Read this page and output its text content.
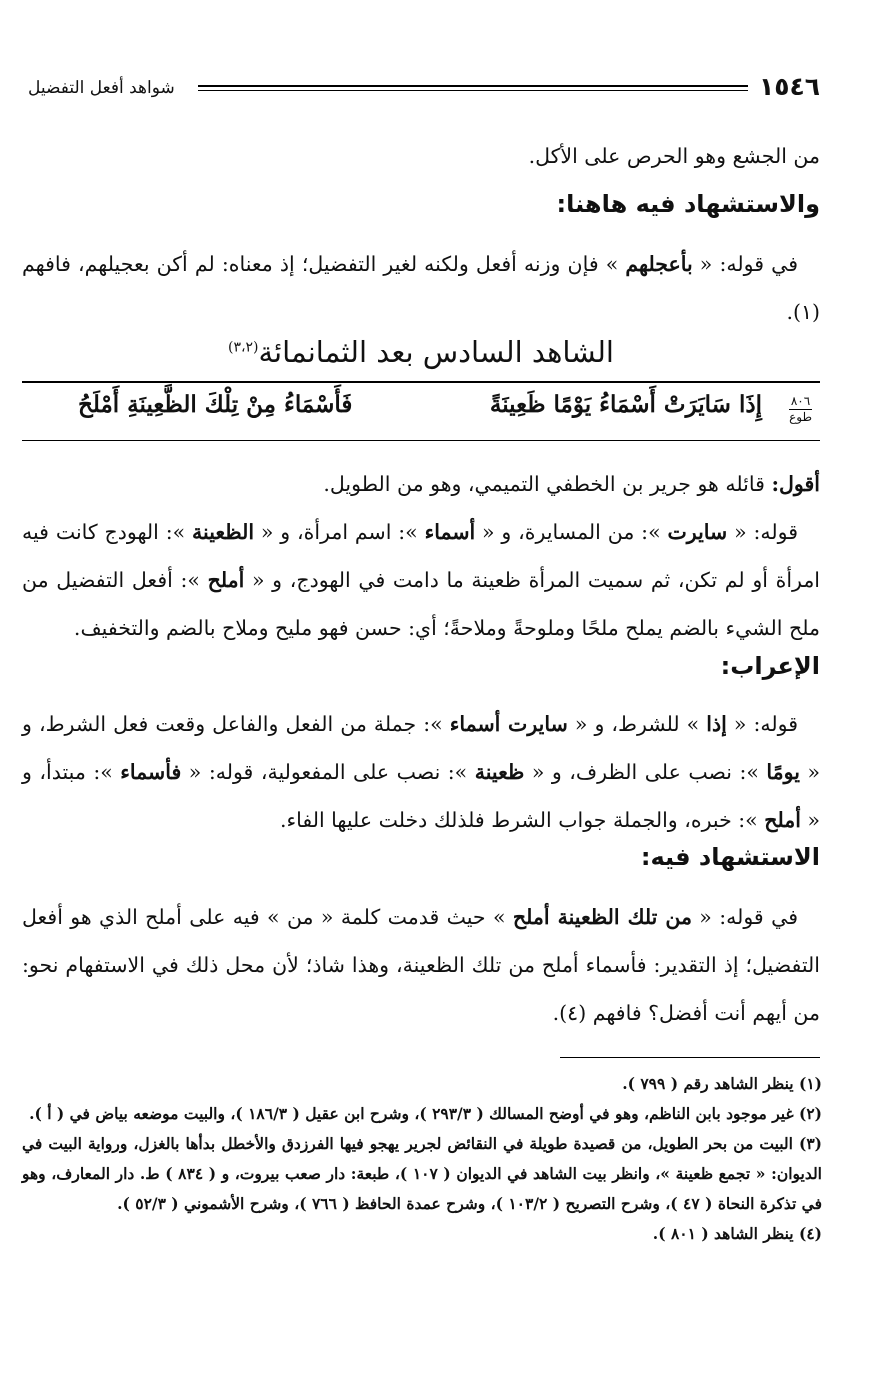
١٥٤٦
شواهد أفعل التفضيل
من الجشع وهو الحرص على الأكل.
والاستشهاد فيه هاهنا:
في قوله: « بأعجلهم » فإن وزنه أفعل ولكنه لغير التفضيل؛ إذ معناه: لم أكن بعجيلهم، فافهم (١).
الشاهد السادس بعد الثمانمائة$^{(٣،٢)}$
٨٠٦
طوع
إِذَا سَايَرَتْ أَسْمَاءُ يَوْمًا ظَعِينَةً
فَأَسْمَاءُ مِنْ تِلْكَ الظَّعِينَةِ أَمْلَحُ
أقول: قائله هو جرير بن الخطفي التميمي، وهو من الطويل.
قوله: « سايرت »: من المسايرة، و « أسماء »: اسم امرأة، و « الظعينة »: الهودج كانت فيه امرأة أو لم تكن، ثم سميت المرأة ظعينة ما دامت في الهودج، و « أملح »: أفعل التفضيل من ملح الشيء بالضم يملح ملحًا وملوحةً وملاحةً؛ أي: حسن فهو مليح وملاح بالضم والتخفيف.
الإعراب:
قوله: « إذا » للشرط، و « سايرت أسماء »: جملة من الفعل والفاعل وقعت فعل الشرط، و « يومًا »: نصب على الظرف، و « ظعينة »: نصب على المفعولية، قوله: « فأسماء »: مبتدأ، و « أملح »: خبره، والجملة جواب الشرط فلذلك دخلت عليها الفاء.
الاستشهاد فيه:
في قوله: « من تلك الظعينة أملح » حيث قدمت كلمة « من » فيه على أملح الذي هو أفعل التفضيل؛ إذ التقدير: فأسماء أملح من تلك الظعينة، وهذا شاذ؛ لأن محل ذلك في الاستفهام نحو: من أيهم أنت أفضل؟ فافهم (٤).

(١) ينظر الشاهد رقم ( ٧٩٩ ).

(٢) غير موجود بابن الناظم، وهو في أوضح المسالك ( ٢٩٣/٣ )، وشرح ابن عقيل ( ١٨٦/٣ )، والبيت موضعه بياض في ( أ ).

(٣) البيت من بحر الطويل، من قصيدة طويلة في النقائض لجرير يهجو فيها الفرزدق والأخطل بدأها بالغزل، ورواية البيت في الديوان: « تجمع ظعينة »، وانظر بيت الشاهد في الديوان ( ١٠٧ )، طبعة: دار صعب بيروت، و ( ٨٣٤ ) ط. دار المعارف، وهو في تذكرة النحاة ( ٤٧ )، وشرح التصريح ( ١٠٣/٢ )، وشرح عمدة الحافظ ( ٧٦٦ )، وشرح الأشموني ( ٥٢/٣ ).

(٤) ينظر الشاهد ( ٨٠١ ).
